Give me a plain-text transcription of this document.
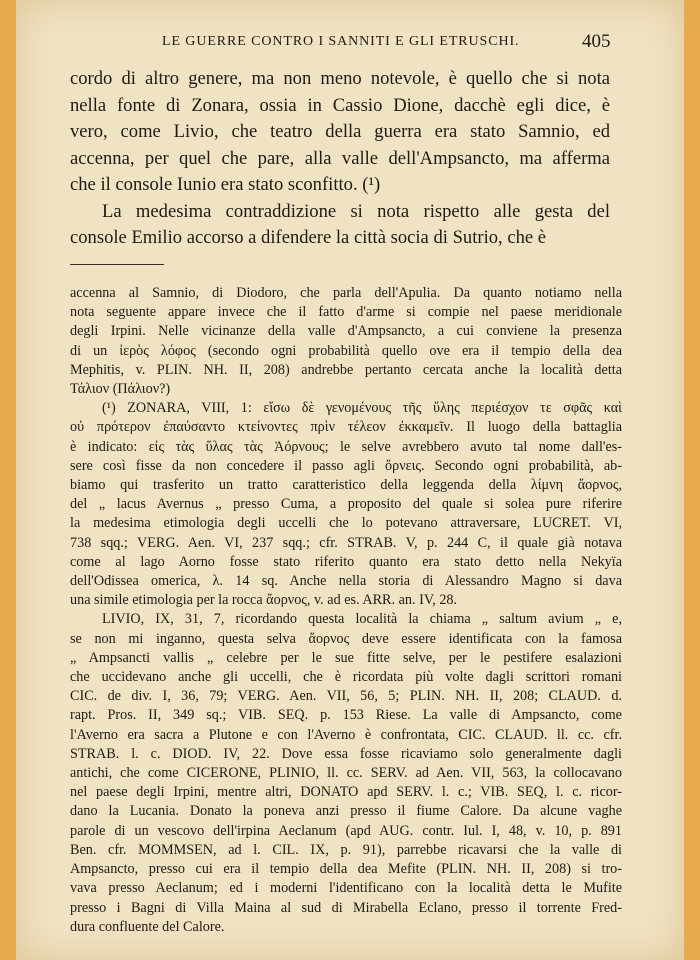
LE GUERRE CONTRO I SANNITI E GLI ETRUSCHI.	405

cordo di altro genere, ma non meno notevole, è quello che si nota
nella fonte di Zonara, ossia in Cassio Dione, dacchè egli dice, è
vero, come Livio, che teatro della guerra era stato Samnio, ed
accenna, per quel che pare, alla valle dell'Ampsancto, ma afferma
che il console Iunio era stato sconfitto. (¹)

La medesima contraddizione si nota rispetto alle gesta del
console Emilio accorso a difendere la città socia di Sutrio, che è

accenna al Samnio, di Diodoro, che parla dell'Apulia. Da quanto notiamo nella
nota seguente appare invece che il fatto d'arme si compie nel paese meridionale
degli Irpini. Nelle vicinanze della valle d'Ampsancto, a cui conviene la presenza
di un ἱερὸς λόφος (secondo ogni probabilità quello ove era il tempio della dea
Mephitis, v. PLIN. NH. II, 208) andrebbe pertanto cercata anche la località detta
Τάλιον (Πάλιον?)

(¹) ZONARA, VIII, 1: εἴσω δὲ γενομένους τῆς ὕλης περιέσχον τε σφᾶς καὶ
οὐ πρότερον ἐπαύσαντο κτείνοντες πρὶν τέλεον ἐκκαμεῖν. Il luogo della battaglia
è indicato: εἰς τὰς ὕλας τὰς Ἀόρνους; le selve avrebbero avuto tal nome dall'es-
sere così fisse da non concedere il passo agli ὄρνεις. Secondo ogni probabilità, ab-
biamo qui trasferito un tratto caratteristico della leggenda della λίμνη ἄορνος,
del „ lacus Avernus „ presso Cuma, a proposito del quale si solea pure riferire
la medesima etimologia degli uccelli che lo potevano attraversare, LUCRET. VI,
738 sqq.; VERG. Aen. VI, 237 sqq.; cfr. STRAB. V, p. 244 C, il quale già notava
come al lago Aorno fosse stato riferito quanto era stato detto nella Nekyïa
dell'Odissea omerica, λ. 14 sq. Anche nella storia di Alessandro Magno si dava
una simile etimologia per la rocca ἄορνος, v. ad es. ARR. an. IV, 28.

LIVIO, IX, 31, 7, ricordando questa località la chiama „ saltum avium „ e,
se non mi inganno, questa selva ἄορνος deve essere identificata con la famosa
„ Ampsancti vallis „ celebre per le sue fitte selve, per le pestifere esalazioni
che uccidevano anche gli uccelli, che è ricordata più volte dagli scrittori romani
CIC. de div. I, 36, 79; VERG. Aen. VII, 56, 5; PLIN. NH. II, 208; CLAUD. d.
rapt. Pros. II, 349 sq.; VIB. SEQ. p. 153 Riese. La valle di Ampsancto, come
l'Averno era sacra a Plutone e con l'Averno è confrontata, CIC. CLAUD. ll. cc. cfr.
STRAB. l. c. DIOD. IV, 22. Dove essa fosse ricaviamo solo generalmente dagli
antichi, che come CICERONE, PLINIO, ll. cc. SERV. ad Aen. VII, 563, la collocavano
nel paese degli Irpini, mentre altri, DONATO apd SERV. l. c.; VIB. SEQ, l. c. ricor-
dano la Lucania. Donato la poneva anzi presso il fiume Calore. Da alcune vaghe
parole di un vescovo dell'irpina Aeclanum (apd AUG. contr. Iul. I, 48, v. 10, p. 891
Ben. cfr. MOMMSEN, ad l. CIL. IX, p. 91), parrebbe ricavarsi che la valle di
Ampsancto, presso cui era il tempio della dea Mefite (PLIN. NH. II, 208) si tro-
vava presso Aeclanum; ed i moderni l'identificano con la località detta le Mufite
presso i Bagni di Villa Maina al sud di Mirabella Eclano, presso il torrente Fred-
dura confluente del Calore.
